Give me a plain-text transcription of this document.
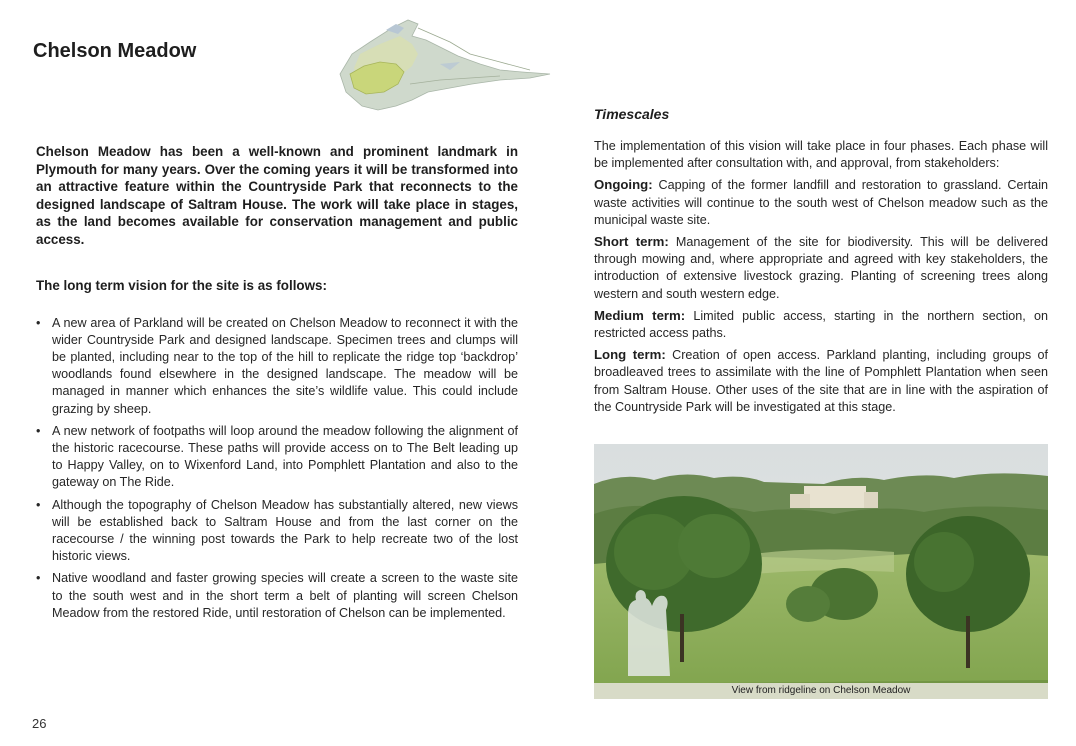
Chelson Meadow

Chelson Meadow has been a well-known and prominent landmark in Plymouth for many years. Over the coming years it will be transformed into an attractive feature within the Countryside Park that reconnects to the designed landscape of Saltram House. The work will take place in stages, as the land becomes available for conservation management and public access.

The long term vision for the site is as follows:

• A new area of Parkland will be created on Chelson Meadow to reconnect it with the wider Countryside Park and designed landscape. Specimen trees and clumps will be planted, including near to the top of the hill to replicate the ridge top ‘backdrop’ woodlands found elsewhere in the designed landscape. The meadow will be managed in manner which enhances the site’s wildlife value. This could include grazing by sheep.
• A new network of footpaths will loop around the meadow following the alignment of the historic racecourse. These paths will provide access on to The Belt leading up to Happy Valley, on to Wixenford Land, into Pomphlett Plantation and also to the gateway on The Ride.
• Although the topography of Chelson Meadow has substantially altered, new views will be established back to Saltram House and from the last corner on the racecourse / the winning post towards the Park to help recreate two of the lost historic views.
• Native woodland and faster growing species will create a screen to the waste site to the south west and in the short term a belt of planting will screen Chelson Meadow from the restored Ride, until restoration of Chelson can be implemented.

Timescales

The implementation of this vision will take place in four phases. Each phase will be implemented after consultation with, and approval, from stakeholders:

Ongoing: Capping of the former landfill and restoration to grassland. Certain waste activities will continue to the south west of Chelson meadow such as the municipal waste site.

Short term: Management of the site for biodiversity. This will be delivered through mowing and, where appropriate and agreed with key stakeholders, the introduction of extensive livestock grazing. Planting of screening trees along western and south western edge.

Medium term: Limited public access, starting in the northern section, on restricted access paths.

Long term: Creation of open access. Parkland planting, including groups of broadleaved trees to assimilate with the line of Pomphlett Plantation when seen from Saltram House. Other uses of the site that are in line with the aspiration of the Countryside Park will be investigated at this stage.

View from ridgeline on Chelson Meadow
26
